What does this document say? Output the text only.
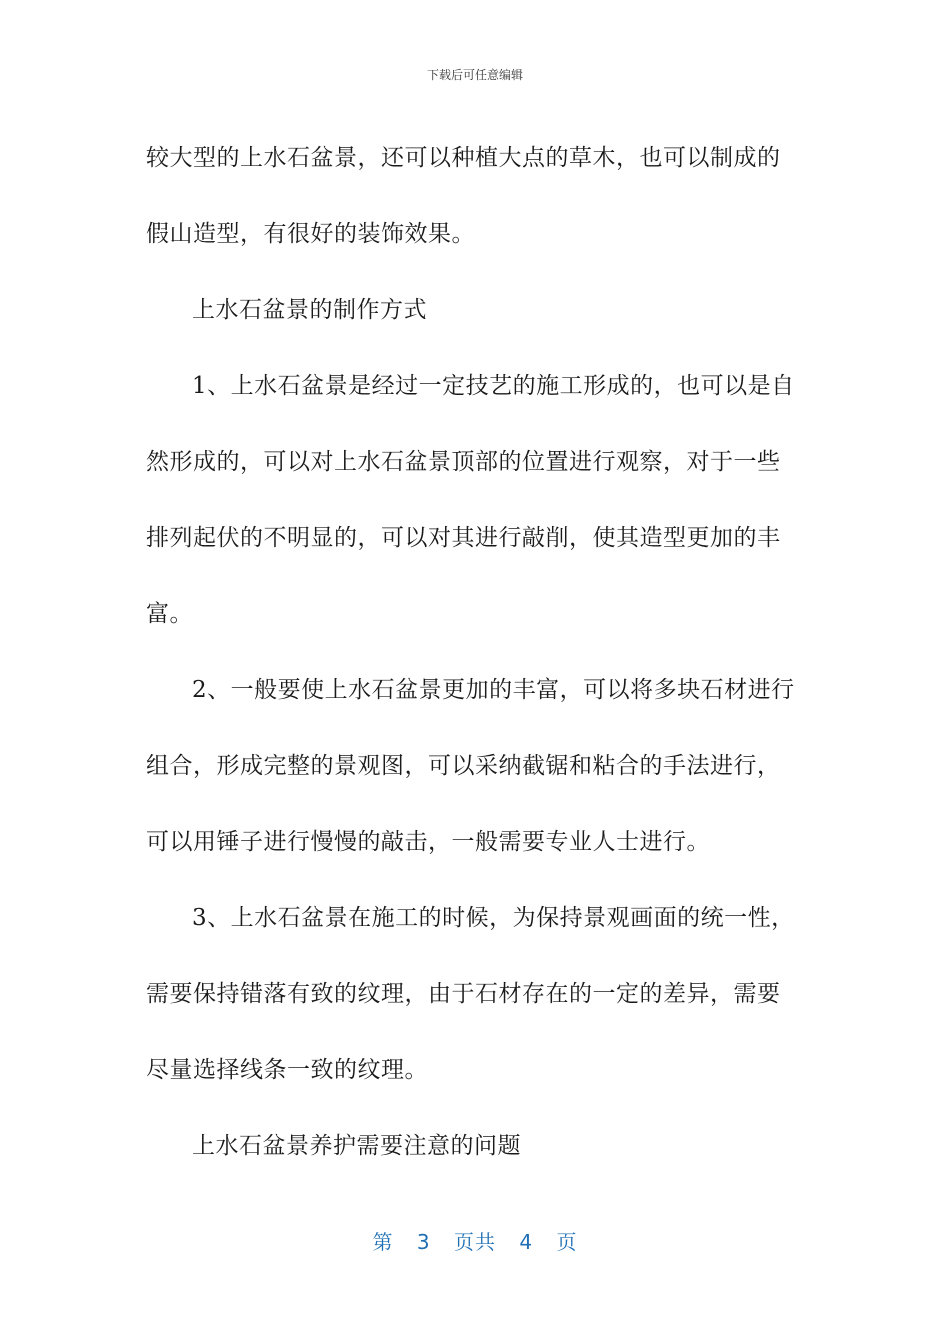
下载后可任意编辑
较大型的上水石盆景，还可以种植大点的草木，也可以制成的
假山造型，有很好的装饰效果。
上水石盆景的制作方式
1、上水石盆景是经过一定技艺的施工形成的，也可以是自
然形成的，可以对上水石盆景顶部的位置进行观察，对于一些
排列起伏的不明显的，可以对其进行敲削，使其造型更加的丰
富。
2、一般要使上水石盆景更加的丰富，可以将多块石材进行
组合，形成完整的景观图，可以采纳截锯和粘合的手法进行，
可以用锤子进行慢慢的敲击，一般需要专业人士进行。
3、上水石盆景在施工的时候，为保持景观画面的统一性，
需要保持错落有致的纹理，由于石材存在的一定的差异，需要
尽量选择线条一致的纹理。
上水石盆景养护需要注意的问题
第 3 页共 4 页
